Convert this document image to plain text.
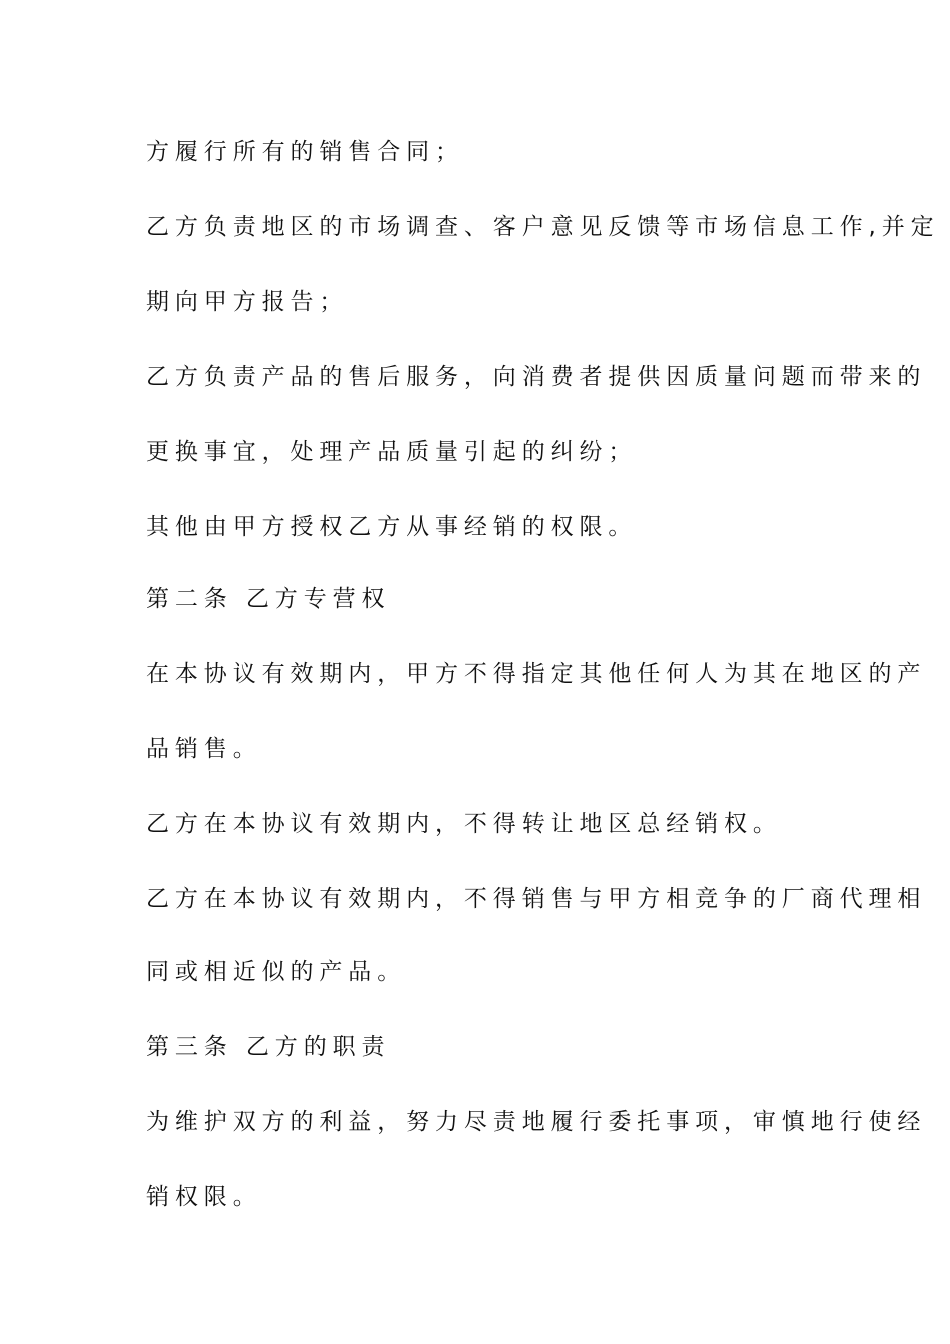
方履行所有的销售合同；

乙方负责地区的市场调查、客户意见反馈等市场信息工作,并定

期向甲方报告；

乙方负责产品的售后服务，向消费者提供因质量问题而带来的

更换事宜，处理产品质量引起的纠纷；

其他由甲方授权乙方从事经销的权限。

第二条 乙方专营权

在本协议有效期内，甲方不得指定其他任何人为其在地区的产

品销售。

乙方在本协议有效期内，不得转让地区总经销权。

乙方在本协议有效期内，不得销售与甲方相竞争的厂商代理相

同或相近似的产品。

第三条 乙方的职责

为维护双方的利益，努力尽责地履行委托事项，审慎地行使经

销权限。
